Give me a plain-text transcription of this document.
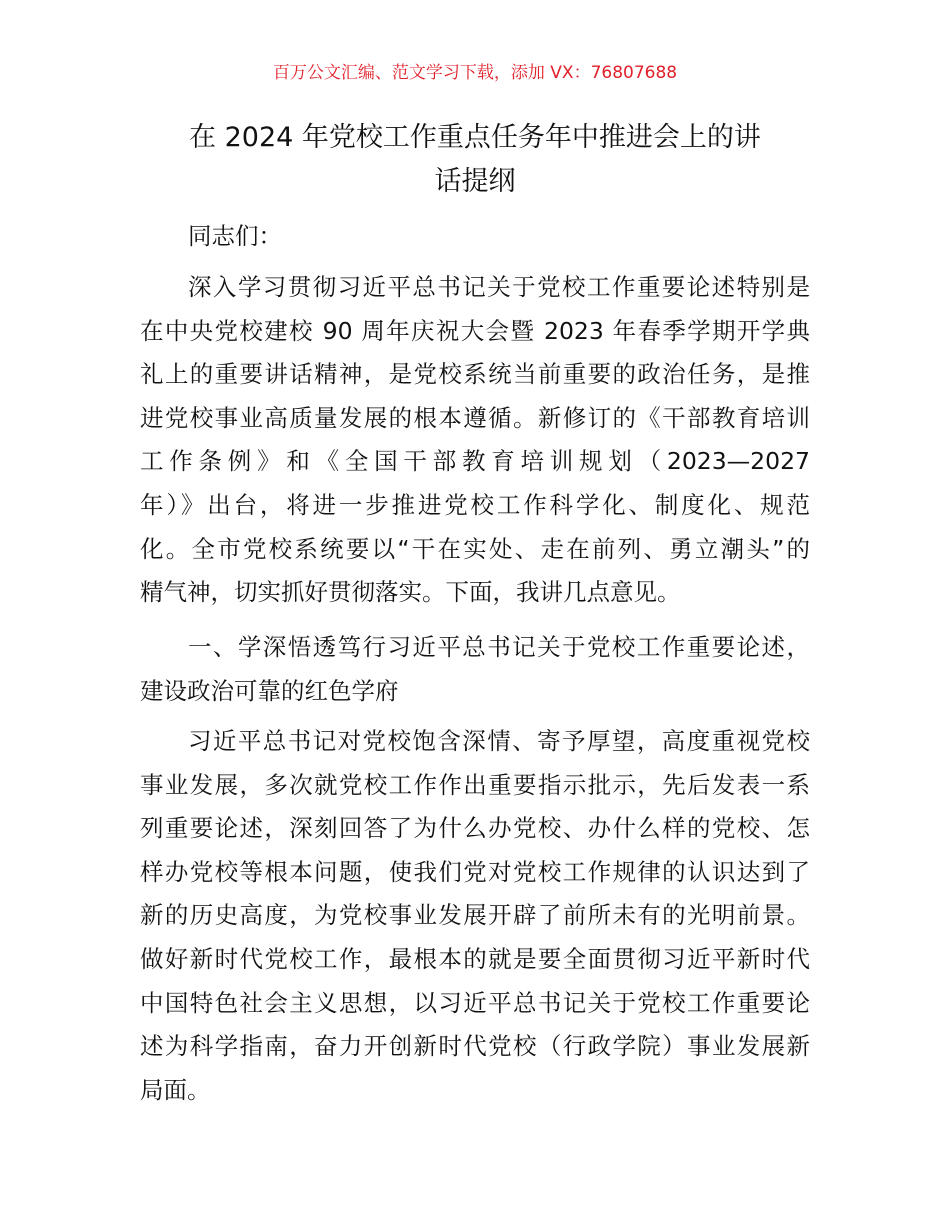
百万公文汇编、范文学习下载，添加 VX：76807688
在 2024 年党校工作重点任务年中推进会上的讲
话提纲
同志们：
深入学习贯彻习近平总书记关于党校工作重要论述特别是
在中央党校建校 90 周年庆祝大会暨 2023 年春季学期开学典
礼上的重要讲话精神，是党校系统当前重要的政治任务，是推
进党校事业高质量发展的根本遵循。新修订的《干部教育培训
工作条例》和《全国干部教育培训规划（2023—2027
年）》出台，将进一步推进党校工作科学化、制度化、规范
化。全市党校系统要以“干在实处、走在前列、勇立潮头”的
精气神，切实抓好贯彻落实。下面，我讲几点意见。
一、学深悟透笃行习近平总书记关于党校工作重要论述，
建设政治可靠的红色学府
习近平总书记对党校饱含深情、寄予厚望，高度重视党校
事业发展，多次就党校工作作出重要指示批示，先后发表一系
列重要论述，深刻回答了为什么办党校、办什么样的党校、怎
样办党校等根本问题，使我们党对党校工作规律的认识达到了
新的历史高度，为党校事业发展开辟了前所未有的光明前景。
做好新时代党校工作，最根本的就是要全面贯彻习近平新时代
中国特色社会主义思想，以习近平总书记关于党校工作重要论
述为科学指南，奋力开创新时代党校（行政学院）事业发展新
局面。
